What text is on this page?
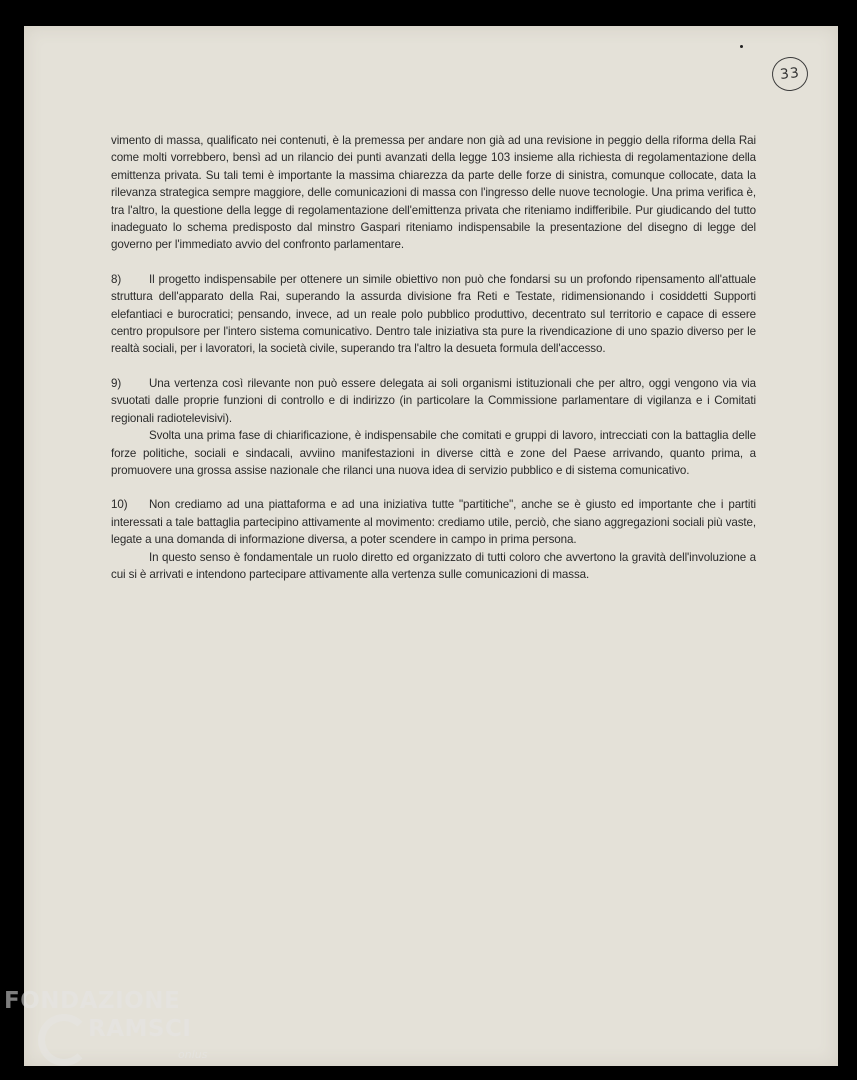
33

vimento di massa, qualificato nei contenuti, è la premessa per andare non già ad una revisione in peggio della riforma della Rai come molti vorrebbero, bensì ad un rilancio dei punti avanzati della legge 103 insieme alla richiesta di regolamentazione della emittenza privata. Su tali temi è importante la massima chiarezza da parte delle forze di sinistra, comunque collocate, data la rilevanza strategica sempre maggiore, delle comunicazioni di massa con l'ingresso delle nuove tecnologie. Una prima verifica è, tra l'altro, la questione della legge di regolamentazione dell'emittenza privata che riteniamo indifferibile. Pur giudicando del tutto inadeguato lo schema predisposto dal minstro Gaspari riteniamo indispensabile la presentazione del disegno di legge del governo per l'immediato avvio del confronto parlamentare.

8) Il progetto indispensabile per ottenere un simile obiettivo non può che fondarsi su un profondo ripensamento all'attuale struttura dell'apparato della Rai, superando la assurda divisione fra Reti e Testate, ridimensionando i cosiddetti Supporti elefantiaci e burocratici; pensando, invece, ad un reale polo pubblico produttivo, decentrato sul territorio e capace di essere centro propulsore per l'intero sistema comunicativo. Dentro tale iniziativa sta pure la rivendicazione di uno spazio diverso per le realtà sociali, per i lavoratori, la società civile, superando tra l'altro la desueta formula dell'accesso.

9) Una vertenza così rilevante non può essere delegata ai soli organismi istituzionali che per altro, oggi vengono via via svuotati dalle proprie funzioni di controllo e di indirizzo (in particolare la Commissione parlamentare di vigilanza e i Comitati regionali radiotelevisivi).

Svolta una prima fase di chiarificazione, è indispensabile che comitati e gruppi di lavoro, intrecciati con la battaglia delle forze politiche, sociali e sindacali, avviino manifestazioni in diverse città e zone del Paese arrivando, quanto prima, a promuovere una grossa assise nazionale che rilanci una nuova idea di servizio pubblico e di sistema comunicativo.

10) Non crediamo ad una piattaforma e ad una iniziativa tutte "partitiche", anche se è giusto ed importante che i partiti interessati a tale battaglia partecipino attivamente al movimento: crediamo utile, perciò, che siano aggregazioni sociali più vaste, legate a una domanda di informazione diversa, a poter scendere in campo in prima persona.

In questo senso è fondamentale un ruolo diretto ed organizzato di tutti coloro che avvertono la gravità dell'involuzione a cui si è arrivati e intendono partecipare attivamente alla vertenza sulle comunicazioni di massa.

FONDAZIONE
RAMSCI
onlus
